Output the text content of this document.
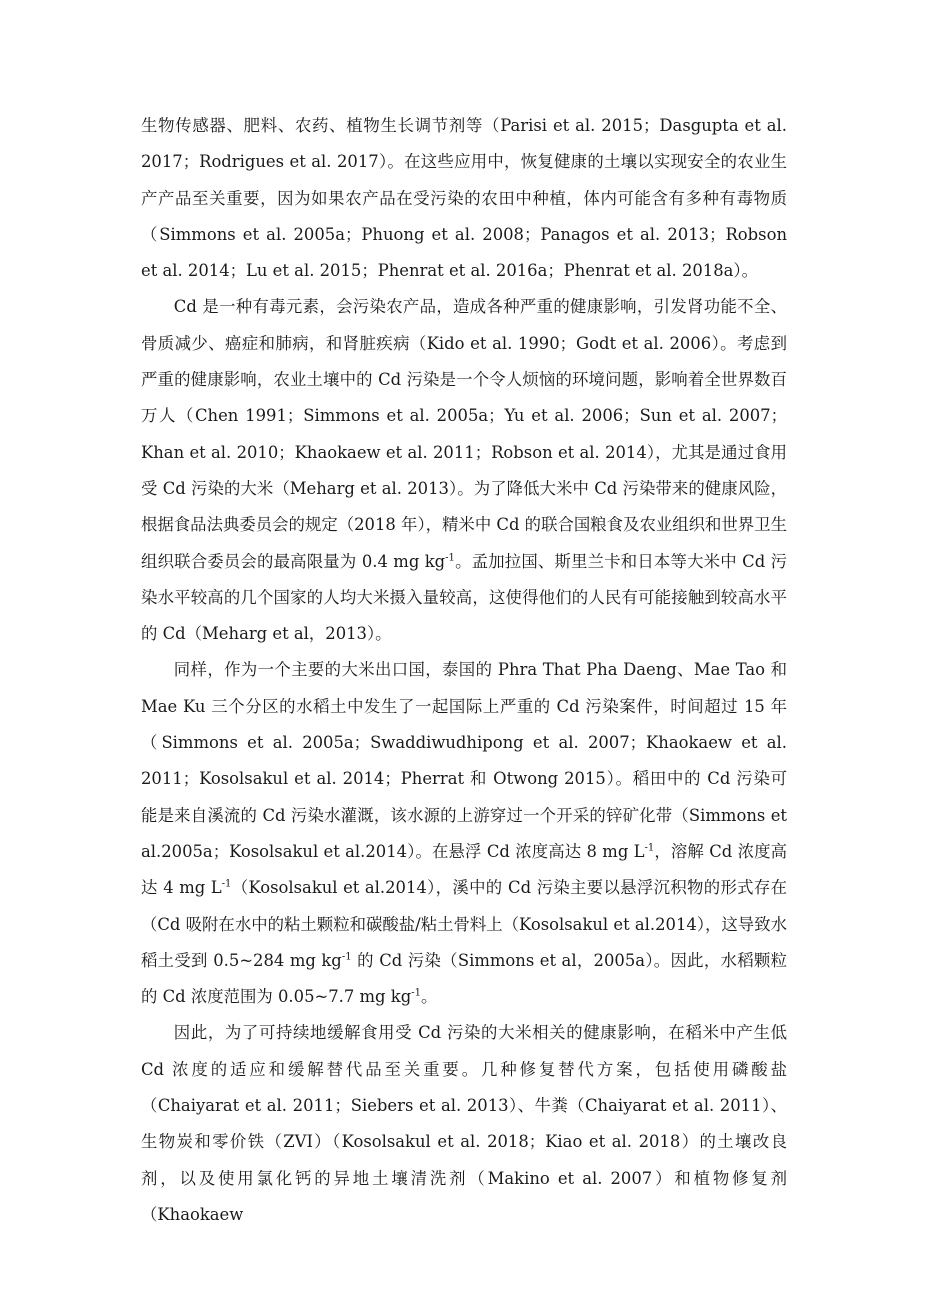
生物传感器、肥料、农药、植物生长调节剂等（Parisi et al. 2015；Dasgupta et al. 2017；Rodrigues et al. 2017）。在这些应用中，恢复健康的土壤以实现安全的农业生产产品至关重要，因为如果农产品在受污染的农田中种植，体内可能含有多种有毒物质（Simmons et al. 2005a；Phuong et al. 2008；Panagos et al. 2013；Robson et al. 2014；Lu et al. 2015；Phenrat et al. 2016a；Phenrat et al. 2018a）。

Cd 是一种有毒元素，会污染农产品，造成各种严重的健康影响，引发肾功能不全、骨质减少、癌症和肺病，和肾脏疾病（Kido et al. 1990；Godt et al. 2006）。考虑到严重的健康影响，农业土壤中的 Cd 污染是一个令人烦恼的环境问题，影响着全世界数百万人（Chen 1991；Simmons et al. 2005a；Yu et al. 2006；Sun et al. 2007；Khan et al. 2010；Khaokaew et al. 2011；Robson et al. 2014），尤其是通过食用受 Cd 污染的大米（Meharg et al. 2013）。为了降低大米中 Cd 污染带来的健康风险，根据食品法典委员会的规定（2018 年），精米中 Cd 的联合国粮食及农业组织和世界卫生组织联合委员会的最高限量为 0.4 mg $kg^{-1}$。孟加拉国、斯里兰卡和日本等大米中 Cd 污染水平较高的几个国家的人均大米摄入量较高，这使得他们的人民有可能接触到较高水平的 Cd（Meharg et al，2013）。

同样，作为一个主要的大米出口国，泰国的 Phra That Pha Daeng、Mae Tao 和 Mae Ku 三个分区的水稻土中发生了一起国际上严重的 Cd 污染案件，时间超过 15 年（Simmons et al. 2005a；Swaddiwudhipong et al. 2007；Khaokaew et al. 2011；Kosolsakul et al. 2014；Pherrat 和 Otwong 2015）。稻田中的 Cd 污染可能是来自溪流的 Cd 污染水灌溉，该水源的上游穿过一个开采的锌矿化带（Simmons et al.2005a；Kosolsakul et al.2014）。在悬浮 Cd 浓度高达 8 mg $L^{-1}$，溶解 Cd 浓度高达 4 mg $L^{-1}(Kosolsakul$ et al.2014），溪中的 Cd 污染主要以悬浮沉积物的形式存在（Cd 吸附在水中的粘土颗粒和碳酸盐/粘土骨料上（Kosolsakul et al.2014），这导致水稻土受到 0.5~284 mg $kg^{-1}$ 的 Cd 污染（Simmons et al，2005a）。因此，水稻颗粒的 Cd 浓度范围为 0.05~7.7 mg $kg^{-1}$。

因此，为了可持续地缓解食用受 Cd 污染的大米相关的健康影响，在稻米中产生低 Cd 浓度的适应和缓解替代品至关重要。几种修复替代方案，包括使用磷酸盐（Chaiyarat et al. 2011；Siebers et al. 2013）、牛粪（Chaiyarat et al. 2011）、生物炭和零价铁（ZVI）（Kosolsakul et al. 2018；Kiao et al. 2018）的土壤改良剂，以及使用氯化钙的异地土壤清洗剂（Makino et al. 2007）和植物修复剂（Khaokaew
